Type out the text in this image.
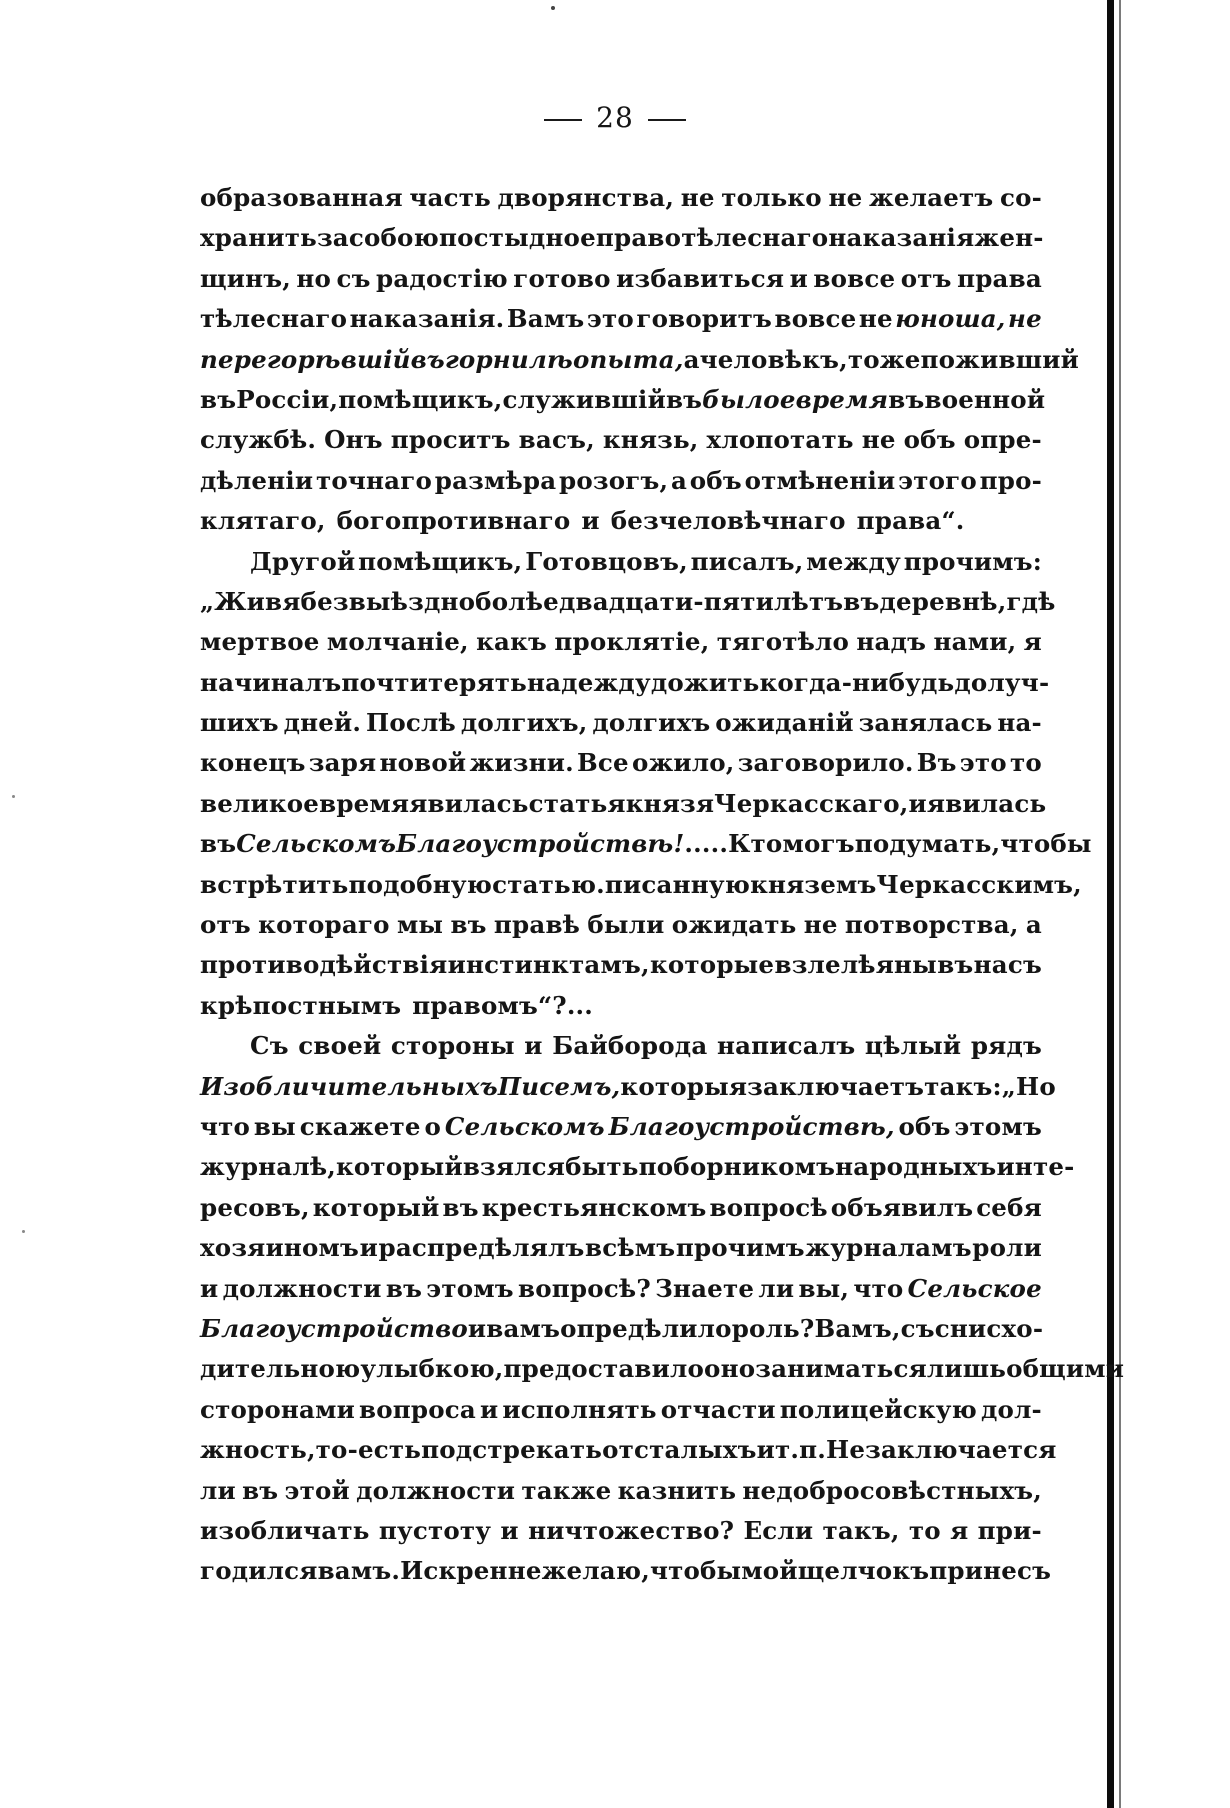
28
образованная часть дворянства, не только не желаетъ со-
хранить за собою постыдное право тѣлеснаго наказанія жен-
щинъ, но съ радостію готово избавиться и вовсе отъ права
тѣлеснаго наказанія. Вамъ это говоритъ вовсе не юноша, не
перегорѣвшій въ горнилѣ опыта, а человѣкъ, тоже поживший
въ Россіи, помѣщикъ, служившій въ былое время въ военной
службѣ. Онъ проситъ васъ, князь, хлопотать не объ опре-
дѣленіи точнаго размѣра розогъ, а объ отмѣненіи этого про-
клятаго, богопротивнаго и безчеловѣчнаго права“.
Другой помѣщикъ, Готовцовъ, писалъ, между прочимъ:
„Живя безвыѣздно болѣе двадцати-пяти лѣтъ въ деревнѣ, гдѣ
мертвое молчаніе, какъ проклятіе, тяготѣло надъ нами, я
начиналъ почти терять надежду дожить когда-нибудь до луч-
шихъ дней. Послѣ долгихъ, долгихъ ожиданій занялась на-
конецъ заря новой жизни. Все ожило, заговорило. Въ это то
великое время явилась статья князя Черкасскаго, и явилась
въ Сельскомъ Благоустройствѣ! .....Кто могъ подумать, чтобы
встрѣтить подобную статью. писанную княземъ Черкасскимъ,
отъ котораго мы въ правѣ были ожидать не потворства, а
противодѣйствія инстинктамъ, которые взлелѣяны въ насъ
крѣпостнымъ правомъ“?...
Съ своей стороны и Байборода написалъ цѣлый рядъ
Изобличительныхъ Писемъ, которыя заключаетъ такъ: „Но
что вы скажете о Сельскомъ Благоустройствѣ, объ этомъ
журналѣ, который взялся быть поборникомъ народныхъ инте-
ресовъ, который въ крестьянскомъ вопросѣ объявилъ себя
хозяиномъ и распредѣлялъ всѣмъ прочимъ журналамъ роли
и должности въ этомъ вопросѣ? Знаете ли вы, что Сельское
Благоустройство и вамъ опредѣлило роль? Вамъ, съ снисхо-
дительною улыбкою, предоставило оно заниматься лишь общими
сторонами вопроса и исполнять отчасти полицейскую дол-
жность, то-есть подстрекать отсталыхъ и т. п. Не заключается
ли въ этой должности также казнить недобросовѣстныхъ,
изобличать пустоту и ничтожество? Если такъ, то я при-
годился вамъ. Искренне желаю, чтобы мой щелчокъ принесъ
